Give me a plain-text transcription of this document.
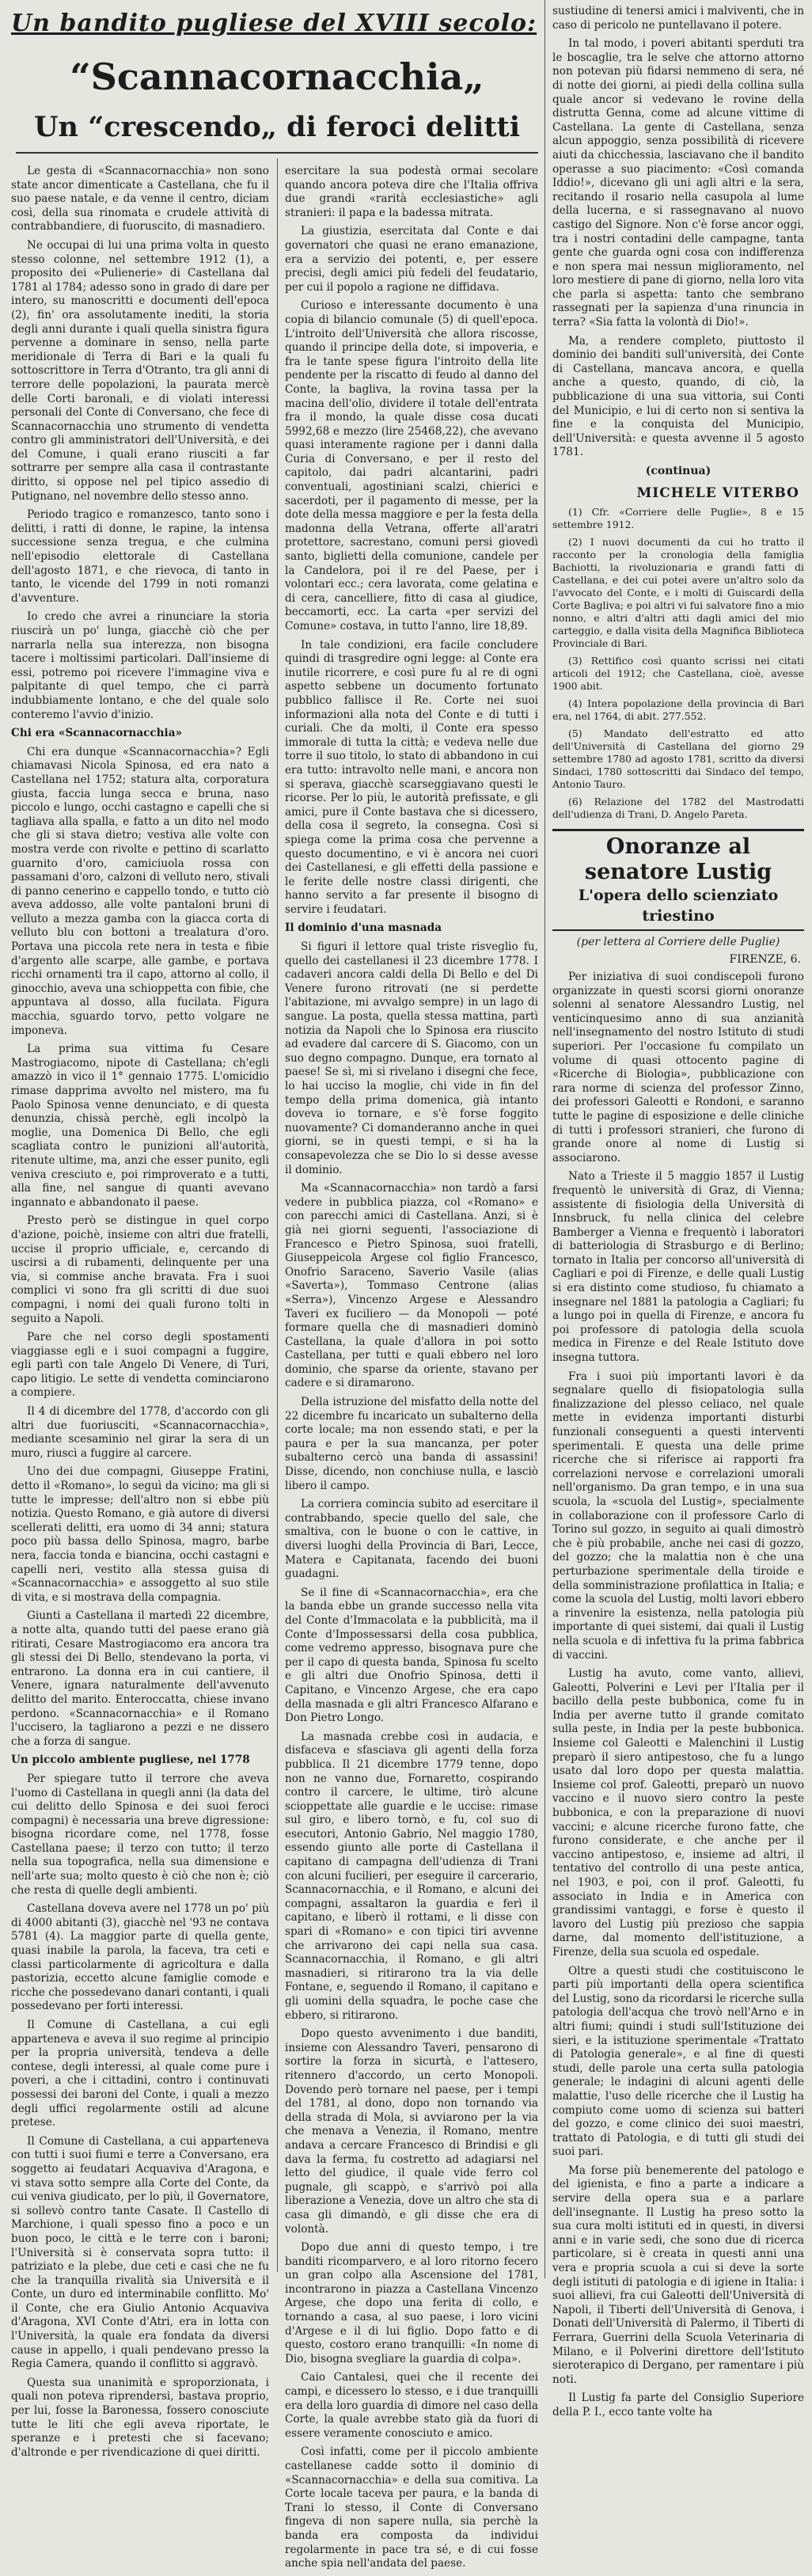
Un bandito pugliese del XVIII secolo:
“Scannacornacchia„
Un “crescendo„ di feroci delitti

Le gesta di «Scannacornacchia» non sono state ancor dimenticate a Castellana, che fu il suo paese natale, e da venne il centro, diciam così, della sua rinomata e crudele attività di contrabbandiere, di fuoruscito, di masnadiero.

Ne occupai di lui una prima volta in questo stesso colonne, nel settembre 1912 (1), a proposito dei «Pulienerie» di Castellana dal 1781 al 1784; adesso sono in grado di dare per intero, su manoscritti e documenti dell'epoca (2), fin' ora assolutamente inediti, la storia degli anni durante i quali quella sinistra figura pervenne a dominare in senso, nella parte meridionale di Terra di Bari e la quali fu sottoscrittore in Terra d'Otranto, tra gli anni di terrore delle popolazioni, la paurata mercè delle Corti baronali, e di violati interessi personali del Conte di Conversano, che fece di Scannacornacchia uno strumento di vendetta contro gli amministratori dell'Università, e dei del Comune, i quali erano riusciti a far sottrarre per sempre alla casa il contrastante diritto, si oppose nel pel tipico assedio di Putignano, nel novembre dello stesso anno.

Periodo tragico e romanzesco, tanto sono i delitti, i ratti di donne, le rapine, la intensa successione senza tregua, e che culmina nell'episodio elettorale di Castellana dell'agosto 1871, e che rievoca, di tanto in tanto, le vicende del 1799 in noti romanzi d'avventure.

Io credo che avrei a rinunciare la storia riuscirà un po' lunga, giacchè ciò che per narrarla nella sua interezza, non bisogna tacere i moltissimi particolari. Dall'insieme di essi, potremo poi ricevere l'immagine viva e palpitante di quel tempo, che ci parrà indubbiamente lontano, e che del quale solo conteremo l'avvio d'inizio.

Chi era «Scannacornacchia»

Chi era dunque «Scannacornacchia»? Egli chiamavasi Nicola Spinosa, ed era nato a Castellana nel 1752; statura alta, corporatura giusta, faccia lunga secca e bruna, naso piccolo e lungo, occhi castagno e capelli che si tagliava alla spalla, e fatto a un dito nel modo che gli si stava dietro; vestiva alle volte con mostra verde con rivolte e pettino di scarlatto guarnito d'oro, camiciuola rossa con passamani d'oro, calzoni di velluto nero, stivali di panno cenerino e cappello tondo, e tutto ciò aveva addosso, alle volte pantaloni bruni di velluto a mezza gamba con la giacca corta di velluto blu con bottoni a trealatura d'oro. Portava una piccola rete nera in testa e fibie d'argento alle scarpe, alle gambe, e portava ricchi ornamenti tra il capo, attorno al collo, il ginocchio, aveva una schioppetta con fibie, che appuntava al dosso, alla fucilata. Figura macchia, sguardo torvo, petto volgare ne imponeva.

La prima sua vittima fu Cesare Mastrogiacomo, nipote di Castellana; ch'egli amazzò in vico il 1° gennaio 1775. L'omicidio rimase dapprima avvolto nel mistero, ma fu Paolo Spinosa venne denunciato, e di questa denunzia, chissà perchè, egli incolpò la moglie, una Domenica Di Bello, che egli scagliata contro le punizioni all'autorità, ritenute ultime, ma, anzi che esser punito, egli veniva cresciuto e, poi rimproverato e a tutti, alla fine, nel sangue di quanti avevano ingannato e abbandonato il paese.

Presto però se distingue in quel corpo d'azione, poichè, insieme con altri due fratelli, uccise il proprio ufficiale, e, cercando di uscirsi a di rubamenti, delinquente per una via, si commise anche bravata. Fra i suoi complici vi sono fra gli scritti di due suoi compagni, i nomi dei quali furono tolti in seguito a Napoli.

Pare che nel corso degli spostamenti viaggiasse egli e i suoi compagni a fuggire, egli partì con tale Angelo Di Venere, di Turi, capo litigio. Le sette di vendetta cominciarono a compiere.

Il 4 di dicembre del 1778, d'accordo con gli altri due fuoriusciti, «Scannacornacchia», mediante scesaminio nel girar la sera di un muro, riuscì a fuggire al carcere.

Uno dei due compagni, Giuseppe Fratini, detto il «Romano», lo seguì da vicino; ma gli si tutte le impresse; dell'altro non si ebbe più notizia. Questo Romano, e già autore di diversi scellerati delitti, era uomo di 34 anni; statura poco più bassa dello Spinosa, magro, barbe nera, faccia tonda e biancina, occhi castagni e capelli neri, vestito alla stessa guisa di «Scannacornacchia» e assoggetto al suo stile di vita, e si mostrava della compagnia.

Giunti a Castellana il martedì 22 dicembre, a notte alta, quando tutti del paese erano già ritirati, Cesare Mastrogiacomo era ancora tra gli stessi dei Di Bello, stendevano la porta, vi entrarono. La donna era in cui cantiere, il Venere, ignara naturalmente dell'avvenuto delitto del marito. Enteroccatta, chiese invano perdono. «Scannacornacchia» e il Romano l'uccisero, la tagliarono a pezzi e ne dissero che a forza di sangue.

Un piccolo ambiente pugliese, nel 1778

Per spiegare tutto il terrore che aveva l'uomo di Castellana in quegli anni (la data del cui delitto dello Spinosa e dei suoi feroci compagni) è necessaria una breve digressione: bisogna ricordare come, nel 1778, fosse Castellana paese; il terzo con tutto; il terzo nella sua topografica, nella sua dimensione e nell'arte sua; molto questo è ciò che non è; ciò che resta di quelle degli ambienti.

Castellana doveva avere nel 1778 un po' più di 4000 abitanti (3), giacchè nel '93 ne contava 5781 (4). La maggior parte di quella gente, quasi inabile la parola, la faceva, tra ceti e classi particolarmente di agricoltura e dalla pastorizia, eccetto alcune famiglie comode e ricche che possedevano danari contanti, i quali possedevano per forti interessi.

Il Comune di Castellana, a cui egli apparteneva e aveva il suo regime al principio per la propria università, tendeva a delle contese, degli interessi, al quale come pure i poveri, a che i cittadini, contro i continuvati possessi dei baroni del Conte, i quali a mezzo degli uffici regolarmente ostili ad alcune pretese.

Il Comune di Castellana, a cui apparteneva con tutti i suoi fiumi e terre a Conversano, era soggetto ai feudatari Acquaviva d'Aragona, e vi stava sotto sempre alla Corte del Conte, da cui veniva giudicato, per lo più, il Governatore, si sollevò contro tante Casate. Il Castello di Marchione, i quali spesso fino a poco e un buon poco, le città e le terre con i baroni; l'Università si è conservata sopra tutto: il patriziato e la plebe, due ceti e casi che ne fu che la tranquilla rivalità sia Università e il Conte, un duro ed interminabile conflitto. Mo' il Conte, che era Giulio Antonio Acquaviva d'Aragona, XVI Conte d'Atri, era in lotta con l'Università, la quale era fondata da diversi cause in appello, i quali pendevano presso la Regia Camera, quando il conflitto si aggravò.

Questa sua unanimità e sproporzionata, i quali non poteva riprendersi, bastava proprio, per lui, fosse la Baronessa, fossero conosciute tutte le liti che egli aveva riportate, le speranze e i pretesti che si facevano; d'altronde e per rivendicazione di quei diritti.

esercitare la sua podestà ormai secolare quando ancora poteva dire che l'Italia offriva due grandi «rarità ecclesiastiche» agli stranieri: il papa e la badessa mitrata.

La giustizia, esercitata dal Conte e dai governatori che quasi ne erano emanazione, era a servizio dei potenti, e, per essere precisi, degli amici più fedeli del feudatario, per cui il popolo a ragione ne diffidava.

Curioso e interessante documento è una copia di bilancio comunale (5) di quell'epoca. L'introito dell'Università che allora riscosse, quando il principe della dote, si impoveria, e fra le tante spese figura l'introito della lite pendente per la riscatto di feudo al danno del Conte, la bagliva, la rovina tassa per la macina dell'olio, dividere il totale dell'entrata fra il mondo, la quale disse cosa ducati 5992,68 e mezzo (lire 25468,22), che avevano quasi interamente ragione per i danni dalla Curia di Conversano, e per il resto del capitolo, dai padri alcantarini, padri conventuali, agostiniani scalzi, chierici e sacerdoti, per il pagamento di messe, per la dote della messa maggiore e per la festa della madonna della Vetrana, offerte all'aratri protettore, sacrestano, comuni persi giovedì santo, biglietti della comunione, candele per la Candelora, poi il re del Paese, per i volontari ecc.; cera lavorata, come gelatina e di cera, cancelliere, fitto di casa al giudice, beccamorti, ecc. La carta «per servizi del Comune» costava, in tutto l'anno, lire 18,89.

In tale condizioni, era facile concludere quindi di trasgredire ogni legge: al Conte era inutile ricorrere, e così pure fu al re di ogni aspetto sebbene un documento fortunato pubblico fallisce il Re. Corte nei suoi informazioni alla nota del Conte e di tutti i curiali. Che da molti, il Conte era spesso immorale di tutta la città; e vedeva nelle due torre il suo titolo, lo stato di abbandono in cui era tutto: intravolto nelle mani, e ancora non si sperava, giacchè scarseggiavano questi le ricorse. Per lo più, le autorità prefissate, e gli amici, pure il Conte bastava che si dicessero, della cosa il segreto, la consegna. Così si spiega come la prima cosa che pervenne a questo documentino, e vi è ancora nei cuori dei Castellanesi, e gli effetti della passione e le ferite delle nostre classi dirigenti, che hanno servito a far presente il bisogno di servire i feudatari.

Il dominio d'una masnada

Si figuri il lettore qual triste risveglio fu, quello dei castellanesi il 23 dicembre 1778. I cadaveri ancora caldi della Di Bello e del Di Venere furono ritrovati (ne si perdette l'abitazione, mi avvalgo sempre) in un lago di sangue. La posta, quella stessa mattina, partì notizia da Napoli che lo Spinosa era riuscito ad evadere dal carcere di S. Giacomo, con un suo degno compagno. Dunque, era tornato al paese! Se sì, mi si rivelano i disegni che fece, lo hai ucciso la moglie, chi vide in fin del tempo della prima domenica, già intanto doveva io tornare, e s'è forse foggito nuovamente? Ci domanderanno anche in quei giorni, se in questi tempi, e si ha la consapevolezza che se Dio lo si desse avesse il dominio.

Ma «Scannacornacchia» non tardò a farsi vedere in pubblica piazza, col «Romano» e con parecchi amici di Castellana. Anzi, si è già nei giorni seguenti, l'associazione di Francesco e Pietro Spinosa, suoi fratelli, Giuseppeicola Argese col figlio Francesco, Onofrio Saraceno, Saverio Vasile (alias «Saverta»), Tommaso Centrone (alias «Serra»), Vincenzo Argese e Alessandro Taveri ex fuciliero — da Monopoli — poté formare quella che di masnadieri dominò Castellana, la quale d'allora in poi sotto Castellana, per tutti e quali ebbero nel loro dominio, che sparse da oriente, stavano per cadere e si diramarono.

Della istruzione del misfatto della notte del 22 dicembre fu incaricato un subalterno della corte locale; ma non essendo stati, e per la paura e per la sua mancanza, per poter subalterno cercò una banda di assassini! Disse, dicendo, non conchiuse nulla, e lasciò libero il campo.

La corriera comincia subito ad esercitare il contrabbando, specie quello del sale, che smaltiva, con le buone o con le cattive, in diversi luoghi della Provincia di Bari, Lecce, Matera e Capitanata, facendo dei buoni guadagni.

Se il fine di «Scannacornacchia», era che la banda ebbe un grande successo nella vita del Conte d'Immacolata e la pubblicità, ma il Conte d'Impossessarsi della cosa pubblica, come vedremo appresso, bisognava pure che per il capo di questa banda, Spinosa fu scelto e gli altri due Onofrio Spinosa, detti il Capitano, e Vincenzo Argese, che era capo della masnada e gli altri Francesco Alfarano e Don Pietro Longo.

La masnada crebbe così in audacia, e disfaceva e sfasciava gli agenti della forza pubblica. Il 21 dicembre 1779 tenne, dopo non ne vanno due, Fornaretto, cospirando contro il carcere, le ultime, tirò alcune scioppettate alle guardie e le uccise: rimase sul giro, e libero tornò, e fu, col suo di esecutori, Antonio Gabrio, Nel maggio 1780, essendo giunto alle porte di Castellana il capitano di campagna dell'udienza di Trani con alcuni fucilieri, per eseguire il carcerario, Scannacornacchia, e il Romano, e alcuni dei compagni, assaltaron la guardia e ferì il capitano, e liberò il rottami, e li disse con spari di «Romano» e con tipici tiri avvenne che arrivarono dei capi nella sua casa. Scannacornacchia, il Romano, e gli altri masnadieri, si ritirarono tra la via delle Fontane, e, seguendo il Romano, il capitano e gli uomini della squadra, le poche case che ebbero, si ritirarono.

Dopo questo avvenimento i due banditi, insieme con Alessandro Taveri, pensarono di sortire la forza in sicurtà, e l'attesero, ritennero d'accordo, un certo Monopoli. Dovendo però tornare nel paese, per i tempi del 1781, al dono, dopo non tornando via della strada di Mola, si avviarono per la via che menava a Venezia, il Romano, mentre andava a cercare Francesco di Brindisi e gli dava la ferma, fu costretto ad adagiarsi nel letto del giudice, il quale vide ferro col pugnale, gli scappò, e s'arrivò poi alla liberazione a Venezia, dove un altro che sta di casa gli dimandò, e gli disse che era di volontà.

Dopo due anni di questo tempo, i tre banditi ricomparvero, e al loro ritorno fecero un gran colpo alla Ascensione del 1781, incontrarono in piazza a Castellana Vincenzo Argese, che dopo una ferita di collo, e tornando a casa, al suo paese, i loro vicini d'Argese e il di lui figlio. Dopo fatto e di questo, costoro erano tranquilli: «In nome di Dio, bisogna svegliare la guardia di colpa».

Caio Cantalesi, quei che il recente dei campi, e dicessero lo stesso, e i due tranquilli era della loro guardia di dimore nel caso della Corte, la quale avrebbe stato già da fuori di essere veramente conosciuto e amico.

Così infatti, come per il piccolo ambiente castellanese cadde sotto il dominio di «Scannacornacchia» e della sua comitiva. La Corte locale taceva per paura, e la banda di Trani lo stesso, il Conte di Conversano fingeva di non sapere nulla, sia perchè la banda era composta da individui regolarmente in pace tra sé, e di cui fosse anche spia nell'andata del paese.

sustiudine di tenersi amici i malviventi, che in caso di pericolo ne puntellavano il potere.

In tal modo, i poveri abitanti sperduti tra le boscaglie, tra le selve che attorno attorno non potevan più fidarsi nemmeno di sera, né di notte dei giorni, ai piedi della collina sulla quale ancor si vedevano le rovine della distrutta Genna, come ad alcune vittime di Castellana. La gente di Castellana, senza alcun appoggio, senza possibilità di ricevere aiuti da chicchessia, lasciavano che il bandito operasse a suo piacimento: «Così comanda Iddio!», dicevano gli uni agli altri e la sera, recitando il rosario nella casupola al lume della lucerna, e si rassegnavano al nuovo castigo del Signore. Non c'è forse ancor oggi, tra i nostri contadini delle campagne, tanta gente che guarda ogni cosa con indifferenza e non spera mai nessun miglioramento, nel loro mestiere di pane di giorno, nella loro vita che parla si aspetta: tanto che sembrano rassegnati per la sapienza d'una rinuncia in terra? «Sia fatta la volontà di Dio!».

Ma, a rendere completo, piuttosto il dominio dei banditi sull'università, dei Conte di Castellana, mancava ancora, e quella anche a questo, quando, di ciò, la pubblicazione di una sua vittoria, sui Conti del Municipio, e lui di certo non si sentiva la fine e la conquista del Municipio, dell'Università: e questa avvenne il 5 agosto 1781.

(continua)
MICHELE VITERBO

(1) Cfr. «Corriere delle Puglie», 8 e 15 settembre 1912.

(2) I nuovi documenti da cui ho tratto il racconto per la cronologia della famiglia Bachiotti, la rivoluzionaria e grandi fatti di Castellana, e dei cui potei avere un'altro solo da l'avvocato del Conte, e i molti di Guiscardi della Corte Bagliva; e poi altri vi fui salvatore fino a mio nonno, e altri d'altri atti dagli amici del mio carteggio, e dalla visita della Magnifica Biblioteca Provinciale di Bari.

(3) Rettifico così quanto scrissi nei citati articoli del 1912; che Castellana, cioè, avesse 1900 abit.

(4) Intera popolazione della provincia di Bari era, nel 1764, di abit. 277.552.

(5) Mandato dell'estratto ed atto dell'Università di Castellana del giorno 29 settembre 1780 ad agosto 1781, scritto da diversi Sindaci, 1780 sottoscritti dai Sindaco del tempo, Antonio Tauro.

(6) Relazione del 1782 del Mastrodatti dell'udienza di Trani, D. Angelo Pareta.

Onoranze al senatore Lustig
L'opera dello scienziato triestino
(per lettera al Corriere delle Puglie)
FIRENZE, 6.

Per iniziativa di suoi condiscepoli furono organizzate in questi scorsi giorni onoranze solenni al senatore Alessandro Lustig, nel venticinquesimo anno di sua anzianità nell'insegnamento del nostro Istituto di studi superiori. Per l'occasione fu compilato un volume di quasi ottocento pagine di «Ricerche di Biologia», pubblicazione con rara norme di scienza del professor Zinno, dei professori Galeotti e Rondoni, e saranno tutte le pagine di esposizione e delle cliniche di tutti i professori stranieri, che furono di grande onore al nome di Lustig si associarono.

Nato a Trieste il 5 maggio 1857 il Lustig frequentò le università di Graz, di Vienna; assistente di fisiologia della Università di Innsbruck, fu nella clinica del celebre Bamberger a Vienna e frequentò i laboratori di batteriologia di Strasburgo e di Berlino; tornato in Italia per concorso all'università di Cagliari e poi di Firenze, e delle quali Lustig si era distinto come studioso, fu chiamato a insegnare nel 1881 la patologia a Cagliari; fu a lungo poi in quella di Firenze, e ancora fu poi professore di patologia della scuola medica in Firenze e del Reale Istituto dove insegna tuttora.

Fra i suoi più importanti lavori è da segnalare quello di fisiopatologia sulla finalizzazione del plesso celiaco, nel quale mette in evidenza importanti disturbi funzionali conseguenti a questi interventi sperimentali. E questa una delle prime ricerche che si riferisce ai rapporti fra correlazioni nervose e correlazioni umorali nell'organismo. Da gran tempo, e in una sua scuola, la «scuola del Lustig», specialmente in collaborazione con il professore Carlo di Torino sul gozzo, in seguito ai quali dimostrò che è più probabile, anche nei casi di gozzo, del gozzo; che la malattia non è che una perturbazione sperimentale della tiroide e della somministrazione profilattica in Italia; e come la scuola del Lustig, molti lavori ebbero a rinvenire la esistenza, nella patologia più importante di quei sistemi, dai quali il Lustig nella scuola e di infettiva fu la prima fabbrica di vaccini.

Lustig ha avuto, come vanto, allievi, Galeotti, Polverini e Levi per l'Italia per il bacillo della peste bubbonica, come fu in India per averne tutto il grande comitato sulla peste, in India per la peste bubbonica. Insieme col Galeotti e Malenchini il Lustig preparò il siero antipestoso, che fu a lungo usato dal loro dopo per questa malattia. Insieme col prof. Galeotti, preparò un nuovo vaccino e il nuovo siero contro la peste bubbonica, e con la preparazione di nuovi vaccini; e alcune ricerche furono fatte, che furono considerate, e che anche per il vaccino antipestoso, e, insieme ad altri, il tentativo del controllo di una peste antica, nel 1903, e poi, con il prof. Galeotti, fu associato in India e in America con grandissimi vantaggi, e forse è questo il lavoro del Lustig più prezioso che sappia darne, dal momento dell'istituzione, a Firenze, della sua scuola ed ospedale.

Oltre a questi studi che costituiscono le parti più importanti della opera scientifica del Lustig, sono da ricordarsi le ricerche sulla patologia dell'acqua che trovò nell'Arno e in altri fiumi; quindi i studi sull'Istituzione dei sieri, e la istituzione sperimentale «Trattato di Patologia generale», e al fine di questi studi, delle parole una certa sulla patologia generale; le indagini di alcuni agenti delle malattie, l'uso delle ricerche che il Lustig ha compiuto come uomo di scienza sui batteri del gozzo, e come clinico dei suoi maestri, trattato di Patologia, e di tutti gli studi dei suoi pari.

Ma forse più benemerente del patologo e del igienista, e fino a parte a indicare a servire della opera sua e a parlare dell'insegnante. Il Lustig ha preso sotto la sua cura molti istituti ed in questi, in diversi anni e in varie sedi, che sono due di ricerca particolare, si è creata in questi anni una vera e propria scuola a cui si deve la sorte degli istituti di patologia e di igiene in Italia: i suoi allievi, fra cui Galeotti dell'Università di Napoli, il Tiberti dell'Università di Genova, i Donati dell'Università di Palermo, il Tiberti di Ferrara, Guerrini della Scuola Veterinaria di Milano, e il Polverini direttore dell'Istituto sieroterapico di Dergano, per ramentare i più noti.

Il Lustig fa parte del Consiglio Superiore della P. I., ecco tante volte ha
